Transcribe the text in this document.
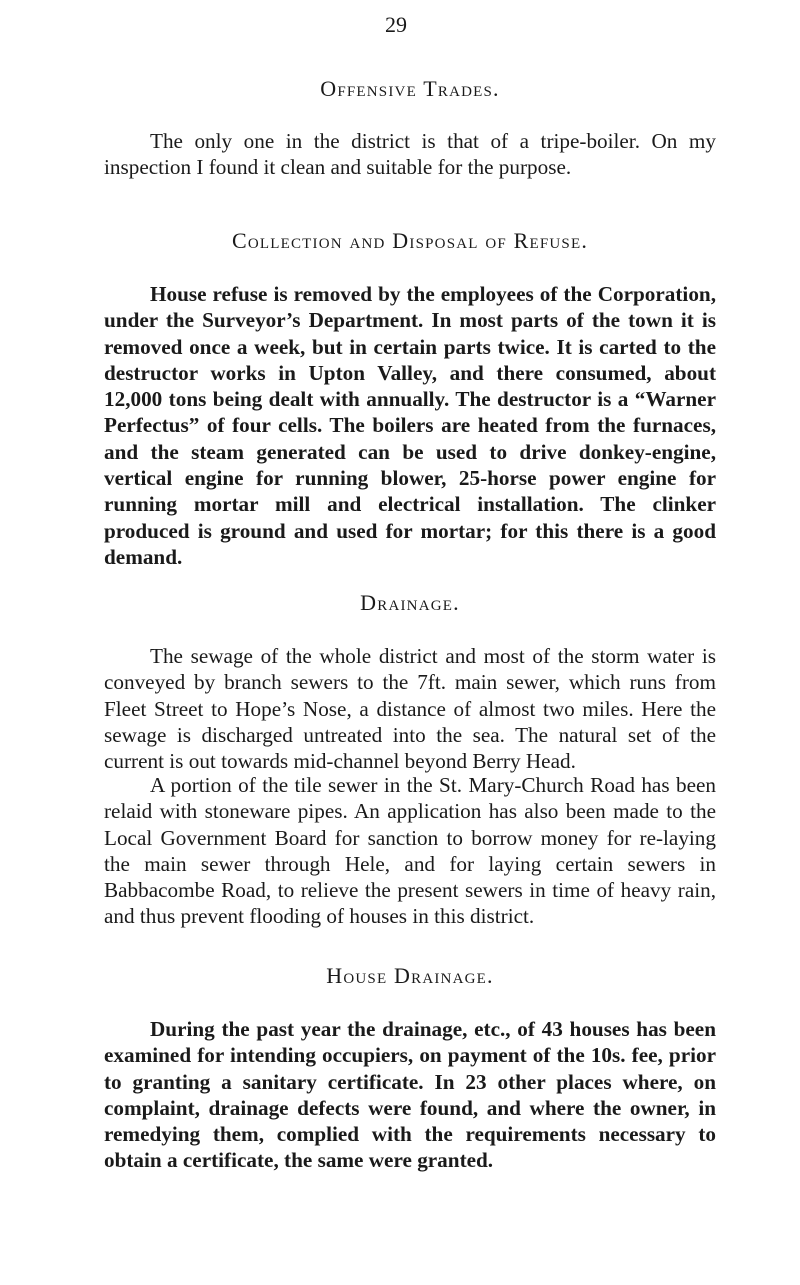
29
Offensive Trades.

The only one in the district is that of a tripe-boiler. On my inspection I found it clean and suitable for the purpose.

Collection and Disposal of Refuse.

House refuse is removed by the employees of the Corporation, under the Surveyor’s Department. In most parts of the town it is removed once a week, but in certain parts twice. It is carted to the destructor works in Upton Valley, and there consumed, about 12,000 tons being dealt with annually. The destructor is a “Warner Perfectus” of four cells. The boilers are heated from the furnaces, and the steam generated can be used to drive donkey-engine, vertical engine for running blower, 25-horse power engine for running mortar mill and electrical installation. The clinker produced is ground and used for mortar; for this there is a good demand.

Drainage.

The sewage of the whole district and most of the storm water is conveyed by branch sewers to the 7ft. main sewer, which runs from Fleet Street to Hope’s Nose, a distance of almost two miles. Here the sewage is discharged untreated into the sea. The natural set of the current is out towards mid-channel beyond Berry Head.

A portion of the tile sewer in the St. Mary-Church Road has been relaid with stoneware pipes. An application has also been made to the Local Government Board for sanction to borrow money for re-laying the main sewer through Hele, and for laying certain sewers in Babbacombe Road, to relieve the present sewers in time of heavy rain, and thus prevent flooding of houses in this district.

House Drainage.

During the past year the drainage, etc., of 43 houses has been examined for intending occupiers, on payment of the 10s. fee, prior to granting a sanitary certificate. In 23 other places where, on complaint, drainage defects were found, and where the owner, in remedying them, complied with the requirements necessary to obtain a certificate, the same were granted.
